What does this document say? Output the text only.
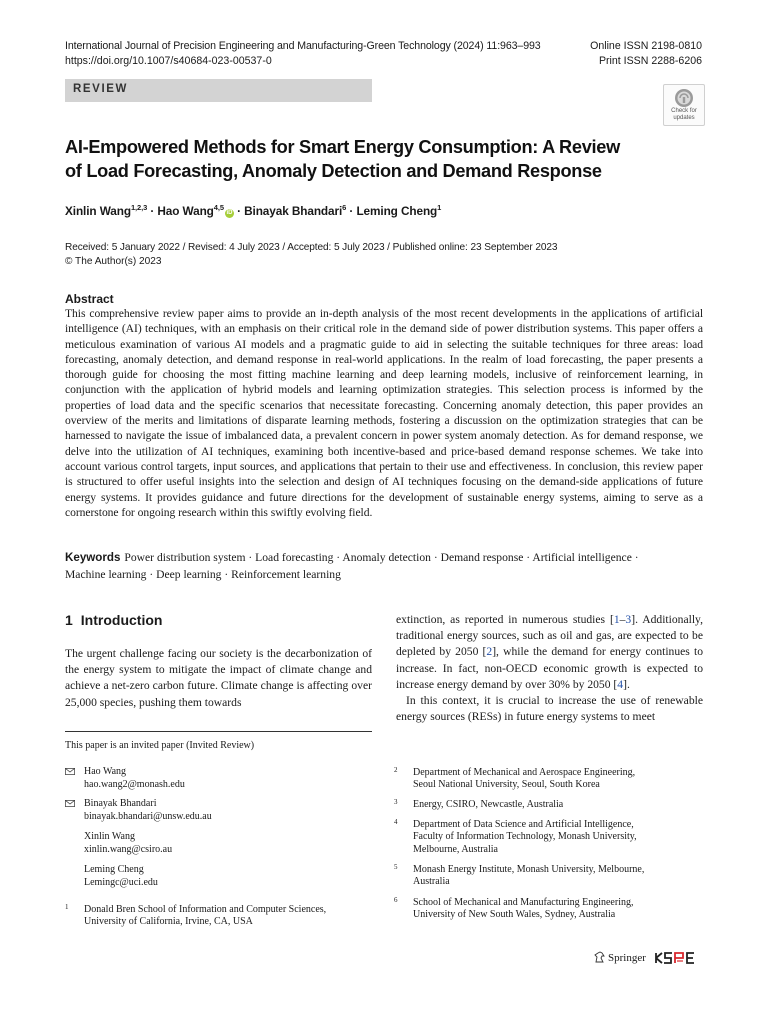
International Journal of Precision Engineering and Manufacturing-Green Technology (2024) 11:963–993
https://doi.org/10.1007/s40684-023-00537-0
Online ISSN 2198-0810
Print ISSN 2288-6206
REVIEW
Check for
updates
AI-Empowered Methods for Smart Energy Consumption: A Review
of Load Forecasting, Anomaly Detection and Demand Response
Xinlin Wang$^{1,2,3}$ · Hao Wang$^{4,5}$iD · Binayak Bhandari$^6$ · Leming Cheng$^1$
Received: 5 January 2022 / Revised: 4 July 2023 / Accepted: 5 July 2023 / Published online: 23 September 2023
© The Author(s) 2023
Abstract
This comprehensive review paper aims to provide an in-depth analysis of the most recent developments in the applications of artificial intelligence (AI) techniques, with an emphasis on their critical role in the demand side of power distribution systems. This paper offers a meticulous examination of various AI models and a pragmatic guide to aid in selecting the suitable techniques for three areas: load forecasting, anomaly detection, and demand response in real-world applications. In the realm of load forecasting, the paper presents a thorough guide for choosing the most fitting machine learning and deep learning models, inclusive of reinforcement learning, in conjunction with the application of hybrid models and learning optimization strategies. This selection process is informed by the properties of load data and the specific scenarios that necessitate forecasting. Concerning anomaly detection, this paper provides an overview of the merits and limitations of disparate learning methods, fostering a discussion on the optimization strategies that can be harnessed to navigate the issue of imbalanced data, a prevalent concern in power system anomaly detection. As for demand response, we delve into the utilization of AI techniques, examining both incentive-based and price-based demand response schemes. We take into account various control targets, input sources, and applications that pertain to their use and effectiveness. In conclusion, this review paper is structured to offer useful insights into the selection and design of AI techniques focusing on the demand-side applications of future energy systems. It provides guidance and future directions for the development of sustainable energy systems, aiming to serve as a cornerstone for ongoing research within this swiftly evolving field.
Keywords Power distribution system · Load forecasting · Anomaly detection · Demand response · Artificial intelligence ·
Machine learning · Deep learning · Reinforcement learning
1 Introduction
The urgent challenge facing our society is the decarbonization of the energy system to mitigate the impact of climate change and achieve a net-zero carbon future. Climate change is affecting over 25,000 species, pushing them towards
extinction, as reported in numerous studies [1–3]. Additionally, traditional energy sources, such as oil and gas, are expected to be depleted by 2050 [2], while the demand for energy continues to increase. In fact, non-OECD economic growth is expected to increase energy demand by over 30% by 2050 [4].
In this context, it is crucial to increase the use of renewable energy sources (RESs) in future energy systems to meet
This paper is an invited paper (Invited Review)
Hao Wang
hao.wang2@monash.edu
Binayak Bhandari
binayak.bhandari@unsw.edu.au
Xinlin Wang
xinlin.wang@csiro.au
Leming Cheng
Lemingc@uci.edu
1 Donald Bren School of Information and Computer Sciences,
University of California, Irvine, CA, USA
2 Department of Mechanical and Aerospace Engineering,
Seoul National University, Seoul, South Korea
3 Energy, CSIRO, Newcastle, Australia
4 Department of Data Science and Artificial Intelligence,
Faculty of Information Technology, Monash University,
Melbourne, Australia
5 Monash Energy Institute, Monash University, Melbourne,
Australia
6 School of Mechanical and Manufacturing Engineering,
University of New South Wales, Sydney, Australia
Springer
